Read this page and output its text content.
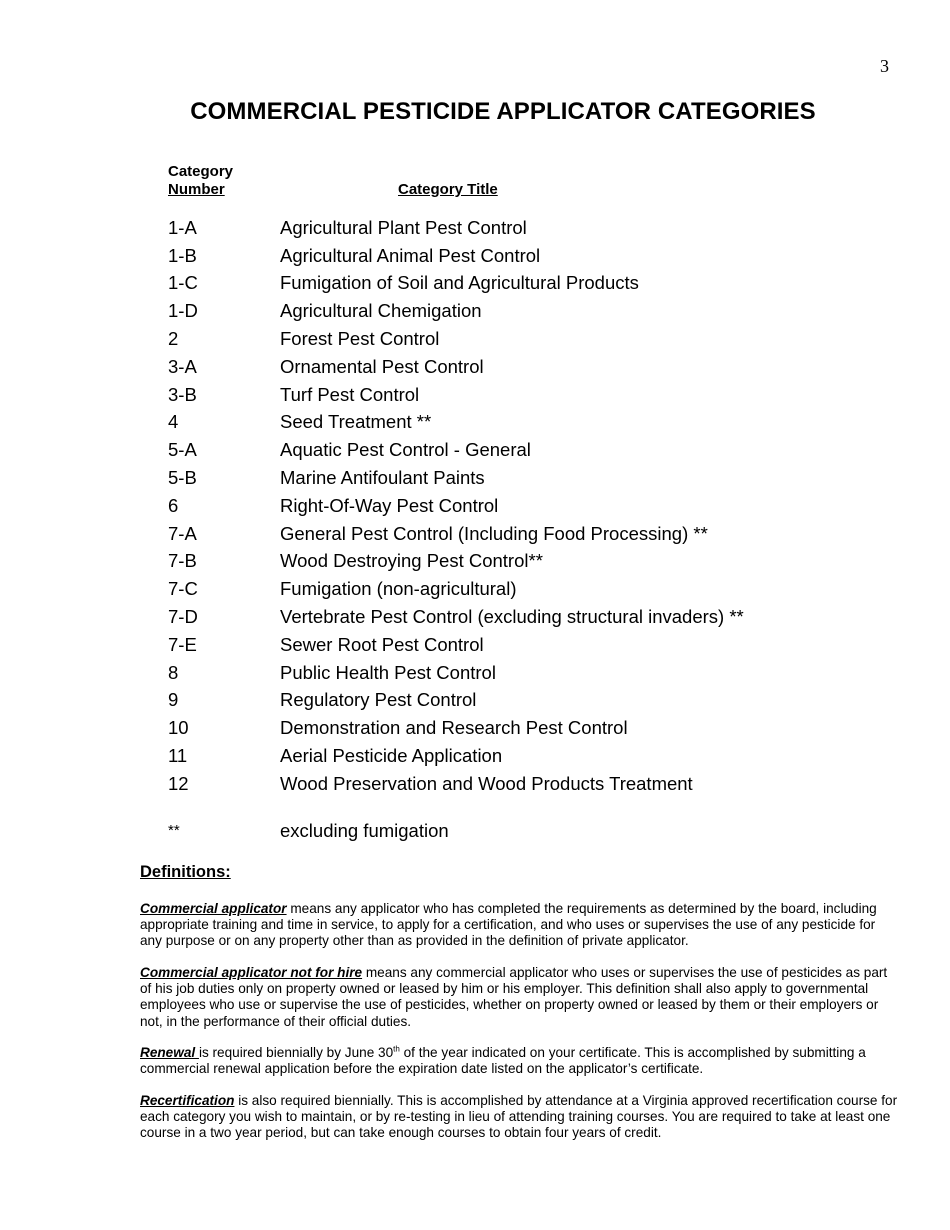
3
COMMERCIAL PESTICIDE APPLICATOR CATEGORIES
Category
Number	Category Title
1-A	Agricultural Plant Pest Control
1-B	Agricultural Animal Pest Control
1-C	Fumigation of Soil and Agricultural Products
1-D	Agricultural Chemigation
2	Forest Pest Control
3-A	Ornamental Pest Control
3-B	Turf Pest Control
4	Seed Treatment **
5-A	Aquatic Pest Control - General
5-B	Marine Antifoulant Paints
6	Right-Of-Way Pest Control
7-A	General Pest Control (Including Food Processing) **
7-B	Wood Destroying Pest Control**
7-C	Fumigation (non-agricultural)
7-D	Vertebrate Pest Control (excluding structural invaders) **
7-E	Sewer Root Pest Control
8	Public Health Pest Control
9	Regulatory Pest Control
10	Demonstration and Research Pest Control
11	Aerial Pesticide Application
12	Wood Preservation and Wood Products Treatment
**	excluding fumigation
Definitions:

Commercial applicator means any applicator who has completed the requirements as determined by the board, including appropriate training and time in service, to apply for a certification, and who uses or supervises the use of any pesticide for any purpose or on any property other than as provided in the definition of private applicator.

Commercial applicator not for hire means any commercial applicator who uses or supervises the use of pesticides as part of his job duties only on property owned or leased by him or his employer. This definition shall also apply to governmental employees who use or supervise the use of pesticides, whether on property owned or leased by them or their employers or not, in the performance of their official duties.

Renewal is required biennially by June 30th of the year indicated on your certificate. This is accomplished by submitting a commercial renewal application before the expiration date listed on the applicator’s certificate.

Recertification is also required biennially. This is accomplished by attendance at a Virginia approved recertification course for each category you wish to maintain, or by re-testing in lieu of attending training courses. You are required to take at least one course in a two year period, but can take enough courses to obtain four years of credit.
